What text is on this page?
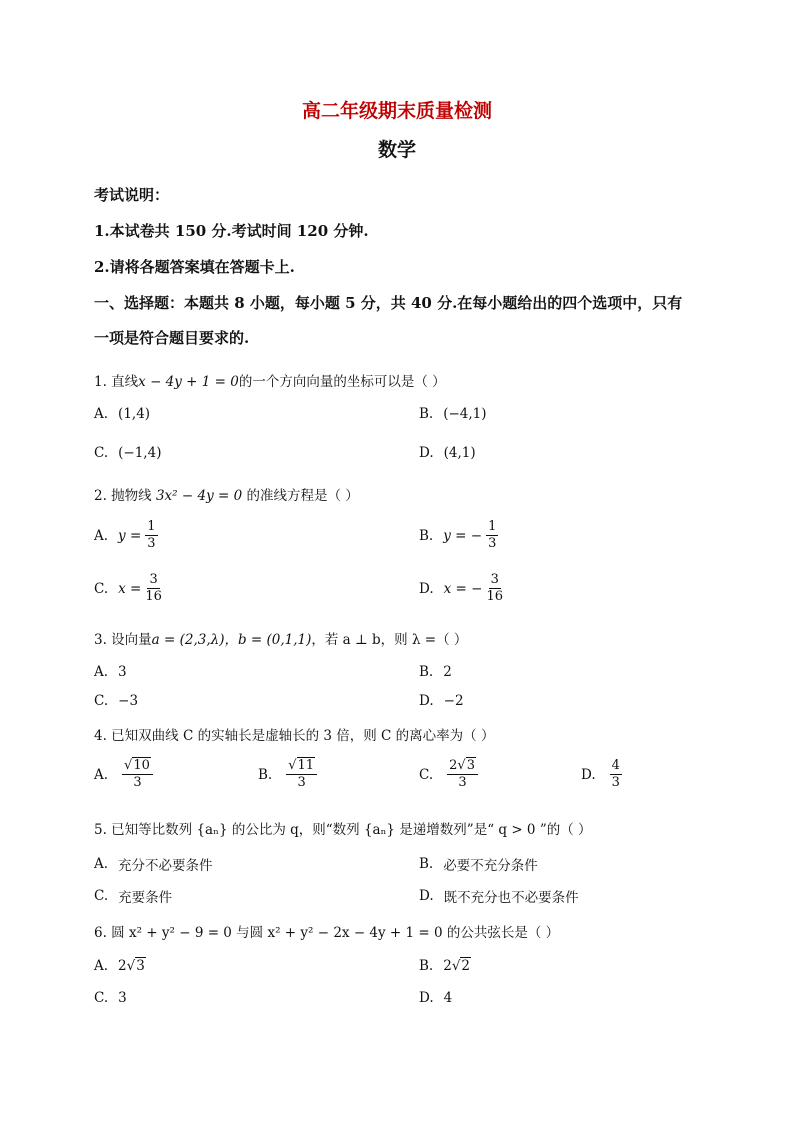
高二年级期末质量检测
数学
考试说明：
1.本试卷共 150 分.考试时间 120 分钟.
2.请将各题答案填在答题卡上.
一、选择题：本题共 8 小题，每小题 5 分，共 40 分.在每小题给出的四个选项中，只有
一项是符合题目要求的.
1. 直线x − 4y + 1 = 0的一个方向向量的坐标可以是（ ）
A. (1,4)	B. (−4,1)
C. (−1,4)	D. (4,1)
2. 抛物线 3x² − 4y = 0 的准线方程是（ ）
A. $y = \frac{1}{3}$	B. y = − $\frac{1}{3}$
C. $x = \frac{3}{16}$	D. x = − $\frac{3}{16}$
3. 设向量a = (2,3,λ)，b = (0,1,1)，若 a ⊥ b，则 λ =（ ）
A. 3	B. 2
C. −3	D. −2
4. 已知双曲线 C 的实轴长是虚轴长的 3 倍，则 C 的离心率为（ ）
A. $\frac{√10}{3}$	B. $\frac{√11}{3}$	C. $\frac{2√3}{3}$	D. $\frac{4}{3}$
5. 已知等比数列 {aₙ} 的公比为 q，则“数列 {aₙ} 是递增数列”是“ q > 0 ”的（ ）
A. 充分不必要条件	B. 必要不充分条件
C. 充要条件	D. 既不充分也不必要条件
6. 圆 x² + y² − 9 = 0 与圆 x² + y² − 2x − 4y + 1 = 0 的公共弦长是（ ）
A. 2 √3	B. 2 √2
C. 3	D. 4
